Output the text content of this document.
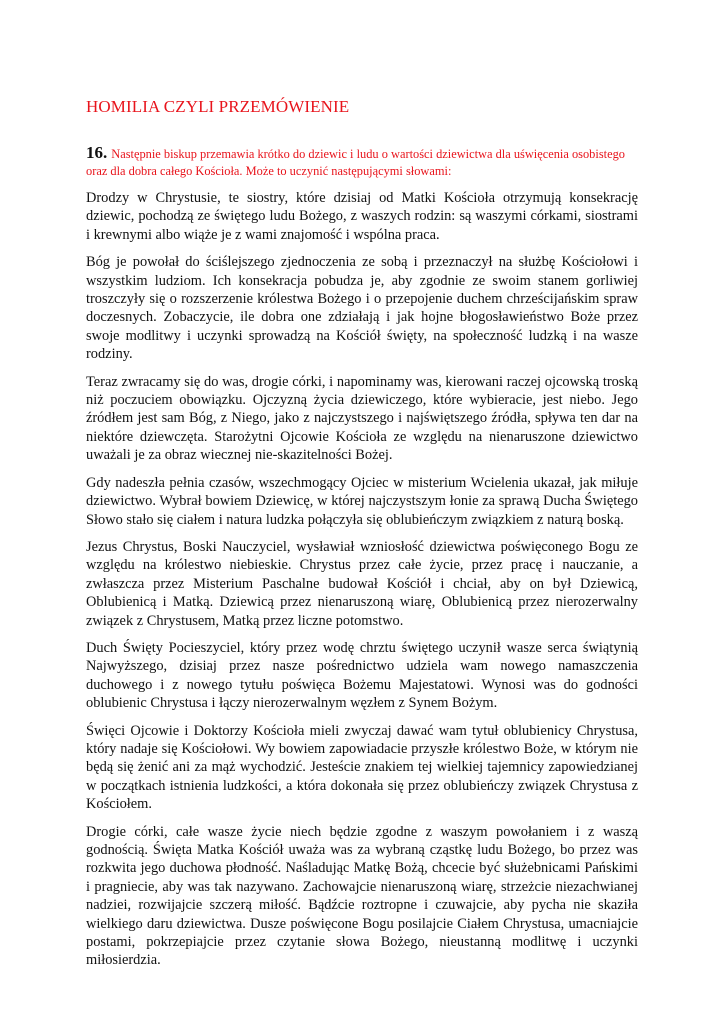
HOMILIA CZYLI PRZEMÓWIENIE

16. Następnie biskup przemawia krótko do dziewic i ludu o wartości dziewictwa dla uświęcenia osobistego oraz dla dobra całego Kościoła. Może to uczynić następującymi słowami:

Drodzy w Chrystusie, te siostry, które dzisiaj od Matki Kościoła otrzymują konsekrację dziewic, pochodzą ze świętego ludu Bożego, z waszych rodzin: są waszymi córkami, siostrami i krewnymi albo wiąże je z wami znajomość i wspólna praca.

Bóg je powołał do ściślejszego zjednoczenia ze sobą i przeznaczył na służbę Kościołowi i wszystkim ludziom. Ich konsekracja pobudza je, aby zgodnie ze swoim stanem gorliwiej troszczyły się o rozszerzenie królestwa Bożego i o przepojenie duchem chrześcijańskim spraw doczesnych. Zobaczycie, ile dobra one zdziałają i jak hojne błogosławieństwo Boże przez swoje modlitwy i uczynki sprowadzą na Kościół święty, na społeczność ludzką i na wasze rodziny.

Teraz zwracamy się do was, drogie córki, i napominamy was, kierowani raczej ojcowską troską niż poczuciem obowiązku. Ojczyzną życia dziewiczego, które wybieracie, jest niebo. Jego źródłem jest sam Bóg, z Niego, jako z najczystszego i najświętszego źródła, spływa ten dar na niektóre dziewczęta. Starożytni Ojcowie Kościoła ze względu na nienaruszone dziewictwo uważali je za obraz wiecznej nie-skazitelności Bożej.

Gdy nadeszła pełnia czasów, wszechmogący Ojciec w misterium Wcielenia ukazał, jak miłuje dziewictwo. Wybrał bowiem Dziewicę, w której najczystszym łonie za sprawą Ducha Świętego Słowo stało się ciałem i natura ludzka połączyła się oblubieńczym związkiem z naturą boską.

Jezus Chrystus, Boski Nauczyciel, wysławiał wzniosłość dziewictwa poświęconego Bogu ze względu na królestwo niebieskie. Chrystus przez całe życie, przez pracę i nauczanie, a zwłaszcza przez Misterium Paschalne budował Kościół i chciał, aby on był Dziewicą, Oblubienicą i Matką. Dziewicą przez nienaruszoną wiarę, Oblubienicą przez nierozerwalny związek z Chrystusem, Matką przez liczne potomstwo.

Duch Święty Pocieszyciel, który przez wodę chrztu świętego uczynił wasze serca świątynią Najwyższego, dzisiaj przez nasze pośrednictwo udziela wam nowego namaszczenia duchowego i z nowego tytułu poświęca Bożemu Majestatowi. Wynosi was do godności oblubienic Chrystusa i łączy nierozerwalnym węzłem z Synem Bożym.

Święci Ojcowie i Doktorzy Kościoła mieli zwyczaj dawać wam tytuł oblubienicy Chrystusa, który nadaje się Kościołowi. Wy bowiem zapowiadacie przyszłe królestwo Boże, w którym nie będą się żenić ani za mąż wychodzić. Jesteście znakiem tej wielkiej tajemnicy zapowiedzianej w początkach istnienia ludzkości, a która dokonała się przez oblubieńczy związek Chrystusa z Kościołem.

Drogie córki, całe wasze życie niech będzie zgodne z waszym powołaniem i z waszą godnością. Święta Matka Kościół uważa was za wybraną cząstkę ludu Bożego, bo przez was rozkwita jego duchowa płodność. Naśladując Matkę Bożą, chcecie być służebnicami Pańskimi i pragniecie, aby was tak nazywano. Zachowajcie nienaruszoną wiarę, strzeżcie niezachwianej nadziei, rozwijajcie szczerą miłość. Bądźcie roztropne i czuwajcie, aby pycha nie skaziła wielkiego daru dziewictwa. Dusze poświęcone Bogu posilajcie Ciałem Chrystusa, umacniajcie postami, pokrzepiajcie przez czytanie słowa Bożego, nieustanną modlitwę i uczynki miłosierdzia.
